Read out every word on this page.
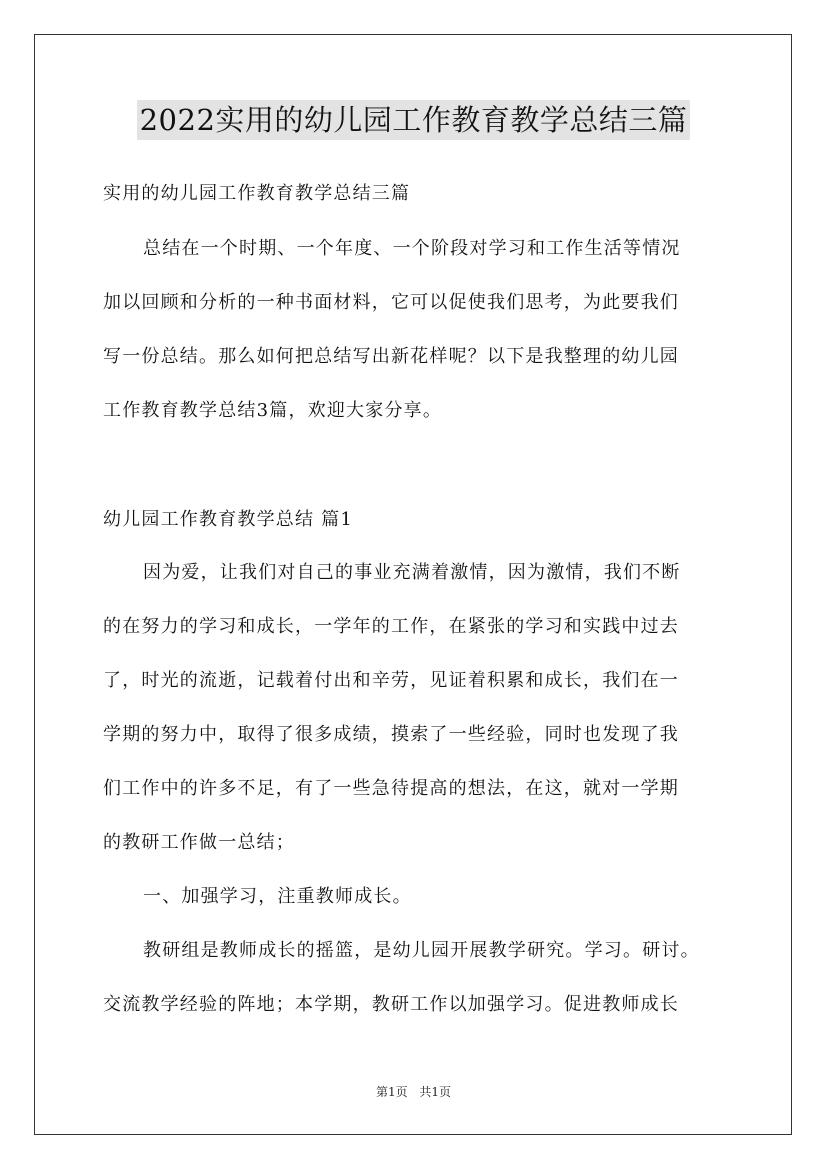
2022实用的幼儿园工作教育教学总结三篇
实用的幼儿园工作教育教学总结三篇
总结在一个时期、一个年度、一个阶段对学习和工作生活等情况
加以回顾和分析的一种书面材料，它可以促使我们思考，为此要我们
写一份总结。那么如何把总结写出新花样呢？以下是我整理的幼儿园
工作教育教学总结3篇，欢迎大家分享。
幼儿园工作教育教学总结 篇1
因为爱，让我们对自己的事业充满着激情，因为激情，我们不断
的在努力的学习和成长，一学年的工作，在紧张的学习和实践中过去
了，时光的流逝，记载着付出和辛劳，见证着积累和成长，我们在一
学期的努力中，取得了很多成绩，摸索了一些经验，同时也发现了我
们工作中的许多不足，有了一些急待提高的想法，在这，就对一学期
的教研工作做一总结；
一、加强学习，注重教师成长。
教研组是教师成长的摇篮，是幼儿园开展教学研究。学习。研讨。
交流教学经验的阵地；本学期，教研工作以加强学习。促进教师成长
第1页 共1页
